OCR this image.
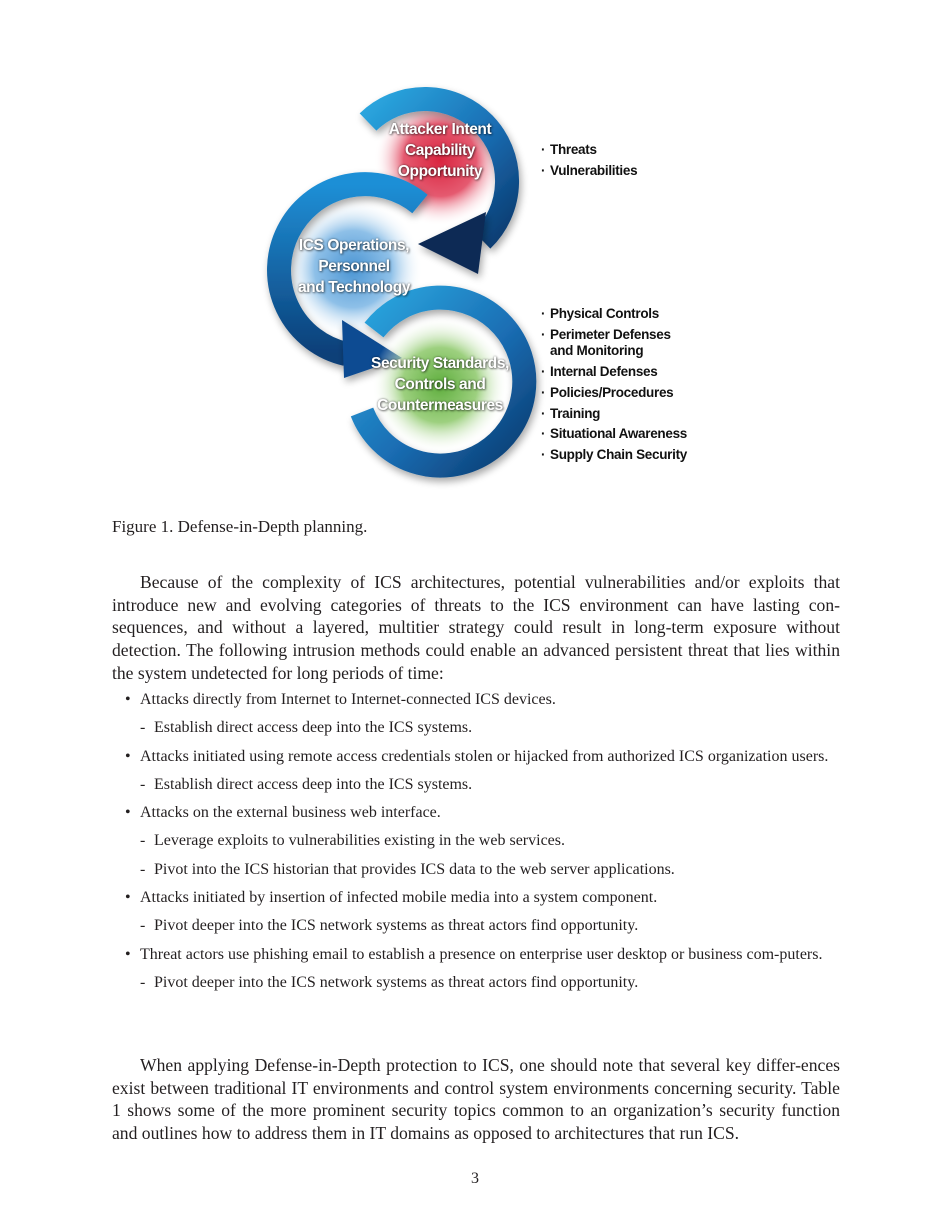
Attacker Intent
Capability
Opportunity
ICS Operations,
Personnel
and Technology
Security Standards,
Controls and
Countermeasures
· Threats
· Vulnerabilities
· Physical Controls
· Perimeter Defenses and Monitoring
· Internal Defenses
· Policies/Procedures
· Training
· Situational Awareness
· Supply Chain Security
Figure 1. Defense-in-Depth planning.

Because of the complexity of ICS architectures, potential vulnerabilities and/or exploits that introduce new and evolving categories of threats to the ICS environment can have lasting con-sequences, and without a layered, multitier strategy could result in long-term exposure without detection. The following intrusion methods could enable an advanced persistent threat that lies within the system undetected for long periods of time:

• Attacks directly from Internet to Internet-connected ICS devices.
- Establish direct access deep into the ICS systems.
• Attacks initiated using remote access credentials stolen or hijacked from authorized ICS organization users.
- Establish direct access deep into the ICS systems.
• Attacks on the external business web interface.
- Leverage exploits to vulnerabilities existing in the web services.
- Pivot into the ICS historian that provides ICS data to the web server applications.
• Attacks initiated by insertion of infected mobile media into a system component.
- Pivot deeper into the ICS network systems as threat actors find opportunity.
• Threat actors use phishing email to establish a presence on enterprise user desktop or business com-puters.
- Pivot deeper into the ICS network systems as threat actors find opportunity.

When applying Defense-in-Depth protection to ICS, one should note that several key differ-ences exist between traditional IT environments and control system environments concerning security. Table 1 shows some of the more prominent security topics common to an organization’s security function and outlines how to address them in IT domains as opposed to architectures that run ICS.

3
